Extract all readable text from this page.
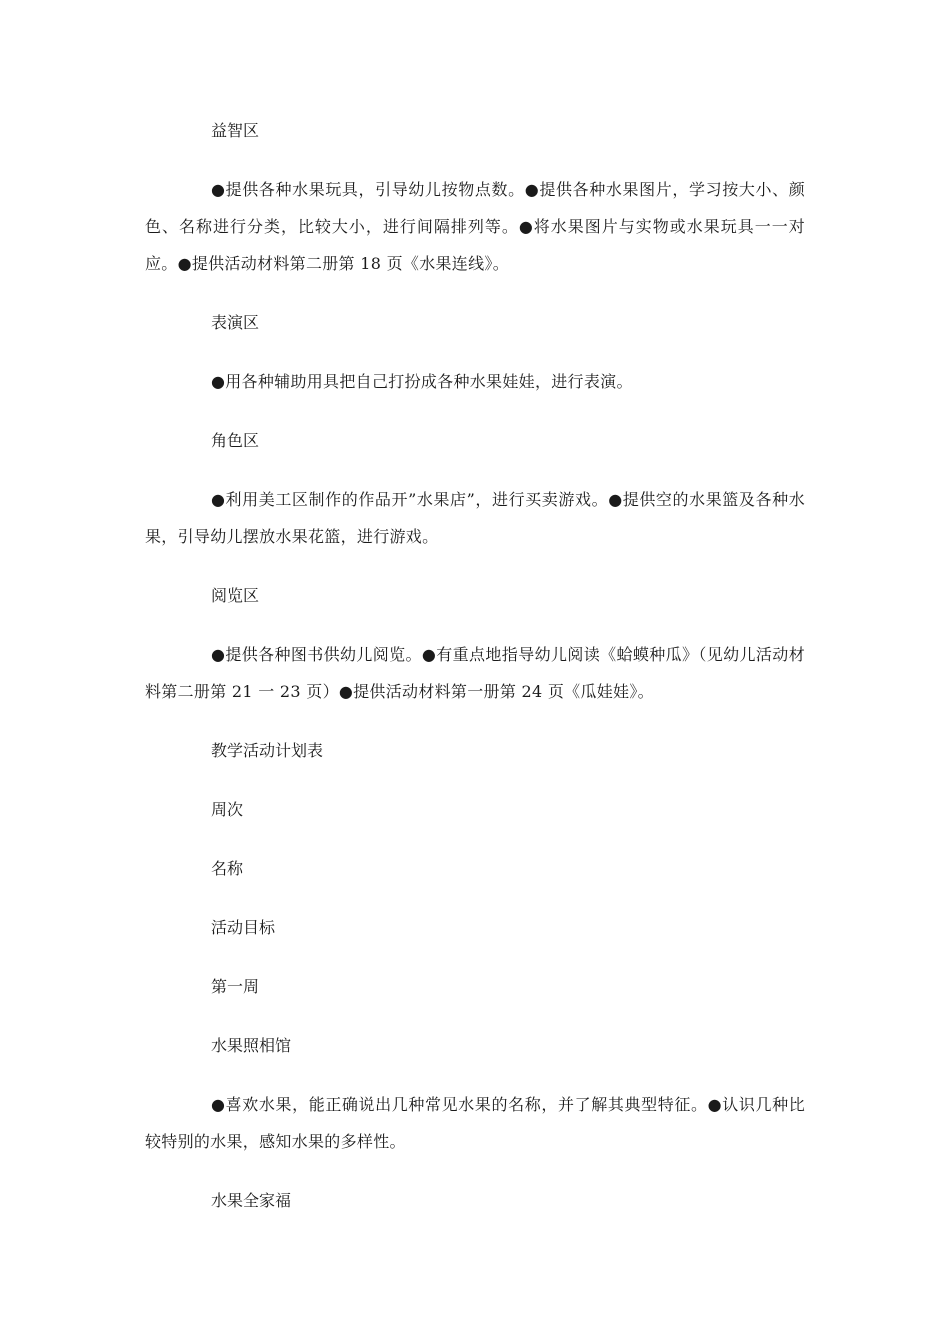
益智区

●提供各种水果玩具，引导幼儿按物点数。●提供各种水果图片，学习按大小、颜色、名称进行分类，比较大小，进行间隔排列等。●将水果图片与实物或水果玩具一一对应。●提供活动材料第二册第 18 页《水果连线》。

表演区

●用各种辅助用具把自己打扮成各种水果娃娃，进行表演。

角色区

●利用美工区制作的作品开”水果店”，进行买卖游戏。●提供空的水果篮及各种水果，引导幼儿摆放水果花篮，进行游戏。

阅览区

●提供各种图书供幼儿阅览。●有重点地指导幼儿阅读《蛤蟆种瓜》（见幼儿活动材料第二册第 21 一 23 页）●提供活动材料第一册第 24 页《瓜娃娃》。

教学活动计划表

周次

名称

活动目标

第一周

水果照相馆

●喜欢水果，能正确说出几种常见水果的名称，并了解其典型特征。●认识几种比较特别的水果，感知水果的多样性。

水果全家福
